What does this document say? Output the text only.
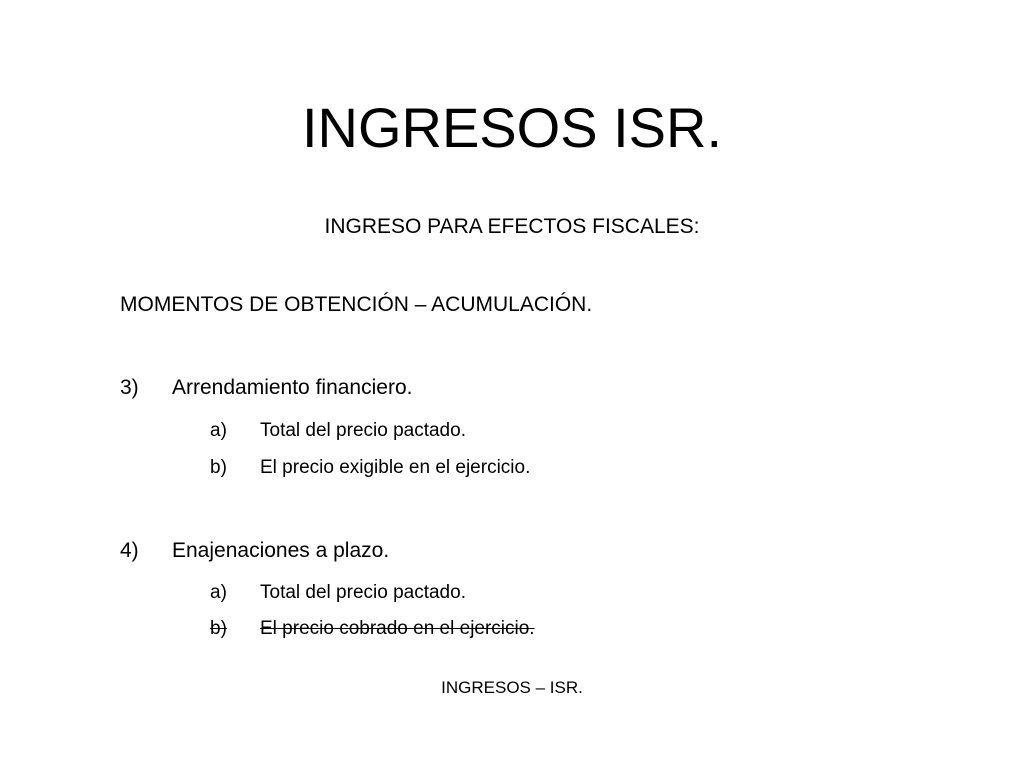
INGRESOS ISR.
INGRESO PARA EFECTOS FISCALES:
MOMENTOS DE OBTENCIÓN – ACUMULACIÓN.
3) Arrendamiento financiero.
a) Total del precio pactado.
b) El precio exigible en el ejercicio.
4) Enajenaciones a plazo.
a) Total del precio pactado.
b) El precio cobrado en el ejercicio.
INGRESOS – ISR.
